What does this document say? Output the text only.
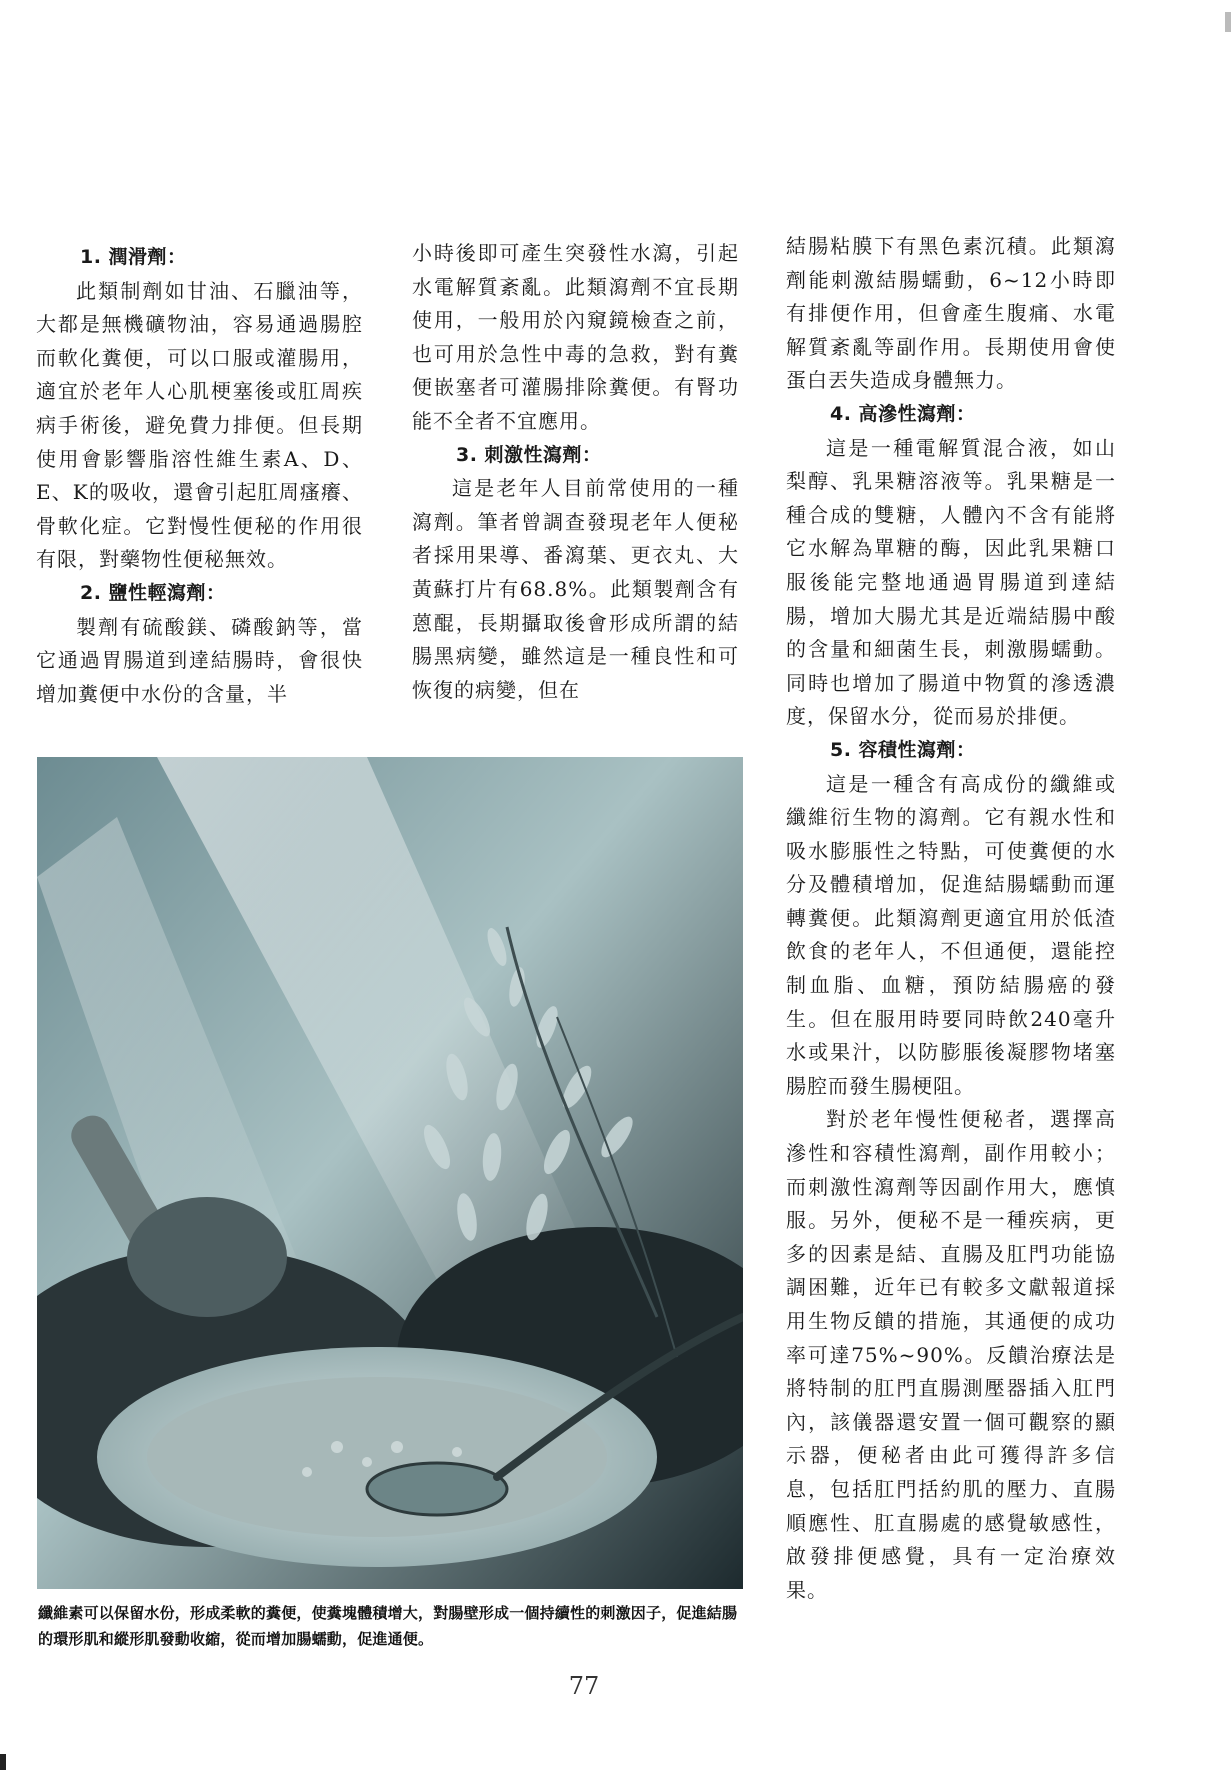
1. 潤滑劑：

此類制劑如甘油、石臘油等，大都是無機礦物油，容易通過腸腔而軟化糞便，可以口服或灌腸用，適宜於老年人心肌梗塞後或肛周疾病手術後，避免費力排便。但長期使用會影響脂溶性維生素A、D、E、K的吸收，還會引起肛周瘙癢、骨軟化症。它對慢性便秘的作用很有限，對藥物性便秘無效。

2. 鹽性輕瀉劑：

製劑有硫酸鎂、磷酸鈉等，當它通過胃腸道到達結腸時，會很快增加糞便中水份的含量，半

小時後即可產生突發性水瀉，引起水電解質紊亂。此類瀉劑不宜長期使用，一般用於內窺鏡檢查之前，也可用於急性中毒的急救，對有糞便嵌塞者可灌腸排除糞便。有腎功能不全者不宜應用。

3. 刺激性瀉劑：

這是老年人目前常使用的一種瀉劑。筆者曾調查發現老年人便秘者採用果導、番瀉葉、更衣丸、大黃蘇打片有68.8%。此類製劑含有蒽醌，長期攝取後會形成所謂的結腸黑病變，雖然這是一種良性和可恢復的病變，但在

結腸粘膜下有黑色素沉積。此類瀉劑能刺激結腸蠕動，6~12小時即有排便作用，但會產生腹痛、水電解質紊亂等副作用。長期使用會使蛋白丟失造成身體無力。

4. 高滲性瀉劑：

這是一種電解質混合液，如山梨醇、乳果糖溶液等。乳果糖是一種合成的雙糖，人體內不含有能將它水解為單糖的酶，因此乳果糖口服後能完整地通過胃腸道到達結腸，增加大腸尤其是近端結腸中酸的含量和細菌生長，刺激腸蠕動。同時也增加了腸道中物質的滲透濃度，保留水分，從而易於排便。

5. 容積性瀉劑：

這是一種含有高成份的纖維或纖維衍生物的瀉劑。它有親水性和吸水膨脹性之特點，可使糞便的水分及體積增加，促進結腸蠕動而運轉糞便。此類瀉劑更適宜用於低渣飲食的老年人，不但通便，還能控制血脂、血糖，預防結腸癌的發生。但在服用時要同時飲240毫升水或果汁，以防膨脹後凝膠物堵塞腸腔而發生腸梗阻。

對於老年慢性便秘者，選擇高滲性和容積性瀉劑，副作用較小；而刺激性瀉劑等因副作用大，應慎服。另外，便秘不是一種疾病，更多的因素是結、直腸及肛門功能協調困難，近年已有較多文獻報道採用生物反饋的措施，其通便的成功率可達75%~90%。反饋治療法是將特制的肛門直腸測壓器插入肛門內，該儀器還安置一個可觀察的顯示器，便秘者由此可獲得許多信息，包括肛門括約肌的壓力、直腸順應性、肛直腸處的感覺敏感性，啟發排便感覺，具有一定治療效果。

纖維素可以保留水份，形成柔軟的糞便，使糞塊體積增大，對腸壁形成一個持續性的刺激因子，促進結腸的環形肌和縱形肌發動收縮，從而增加腸蠕動，促進通便。
77
